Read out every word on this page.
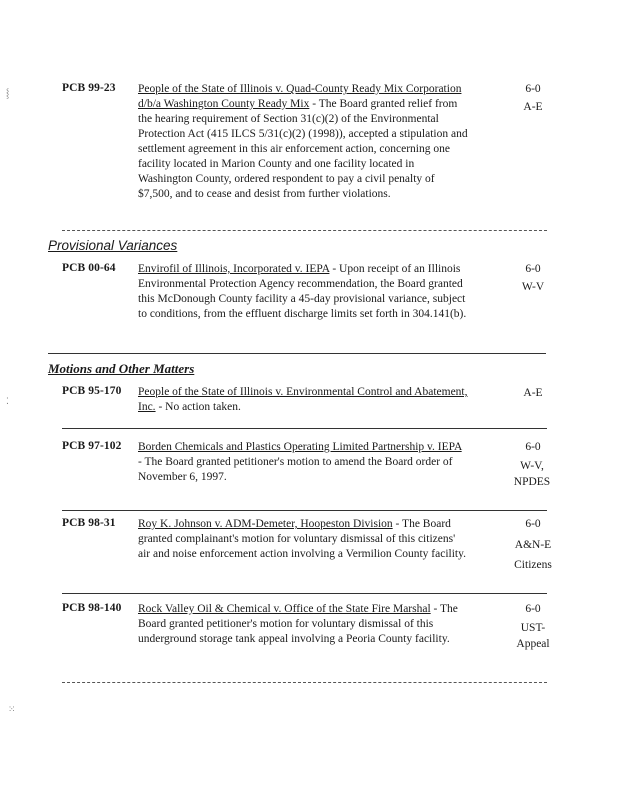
PCB 99-23 People of the State of Illinois v. Quad-County Ready Mix Corporation d/b/a Washington County Ready Mix - The Board granted relief from the hearing requirement of Section 31(c)(2) of the Environmental Protection Act (415 ILCS 5/31(c)(2) (1998)), accepted a stipulation and settlement agreement in this air enforcement action, concerning one facility located in Marion County and one facility located in Washington County, ordered respondent to pay a civil penalty of $7,500, and to cease and desist from further violations.
6-0
A-E
Provisional Variances
PCB 00-64 Envirofil of Illinois, Incorporated v. IEPA - Upon receipt of an Illinois Environmental Protection Agency recommendation, the Board granted this McDonough County facility a 45-day provisional variance, subject to conditions, from the effluent discharge limits set forth in 304.141(b).
6-0
W-V
Motions and Other Matters
PCB 95-170 People of the State of Illinois v. Environmental Control and Abatement, Inc. - No action taken.
A-E
PCB 97-102 Borden Chemicals and Plastics Operating Limited Partnership v. IEPA - The Board granted petitioner's motion to amend the Board order of November 6, 1997.
6-0
W-V, NPDES
PCB 98-31 Roy K. Johnson v. ADM-Demeter, Hoopeston Division - The Board granted complainant's motion for voluntary dismissal of this citizens' air and noise enforcement action involving a Vermilion County facility.
6-0
A&N-E Citizens
PCB 98-140 Rock Valley Oil & Chemical v. Office of the State Fire Marshal - The Board granted petitioner's motion for voluntary dismissal of this underground storage tank appeal involving a Peoria County facility.
6-0
UST-Appeal
⸾
⁚
⁙
